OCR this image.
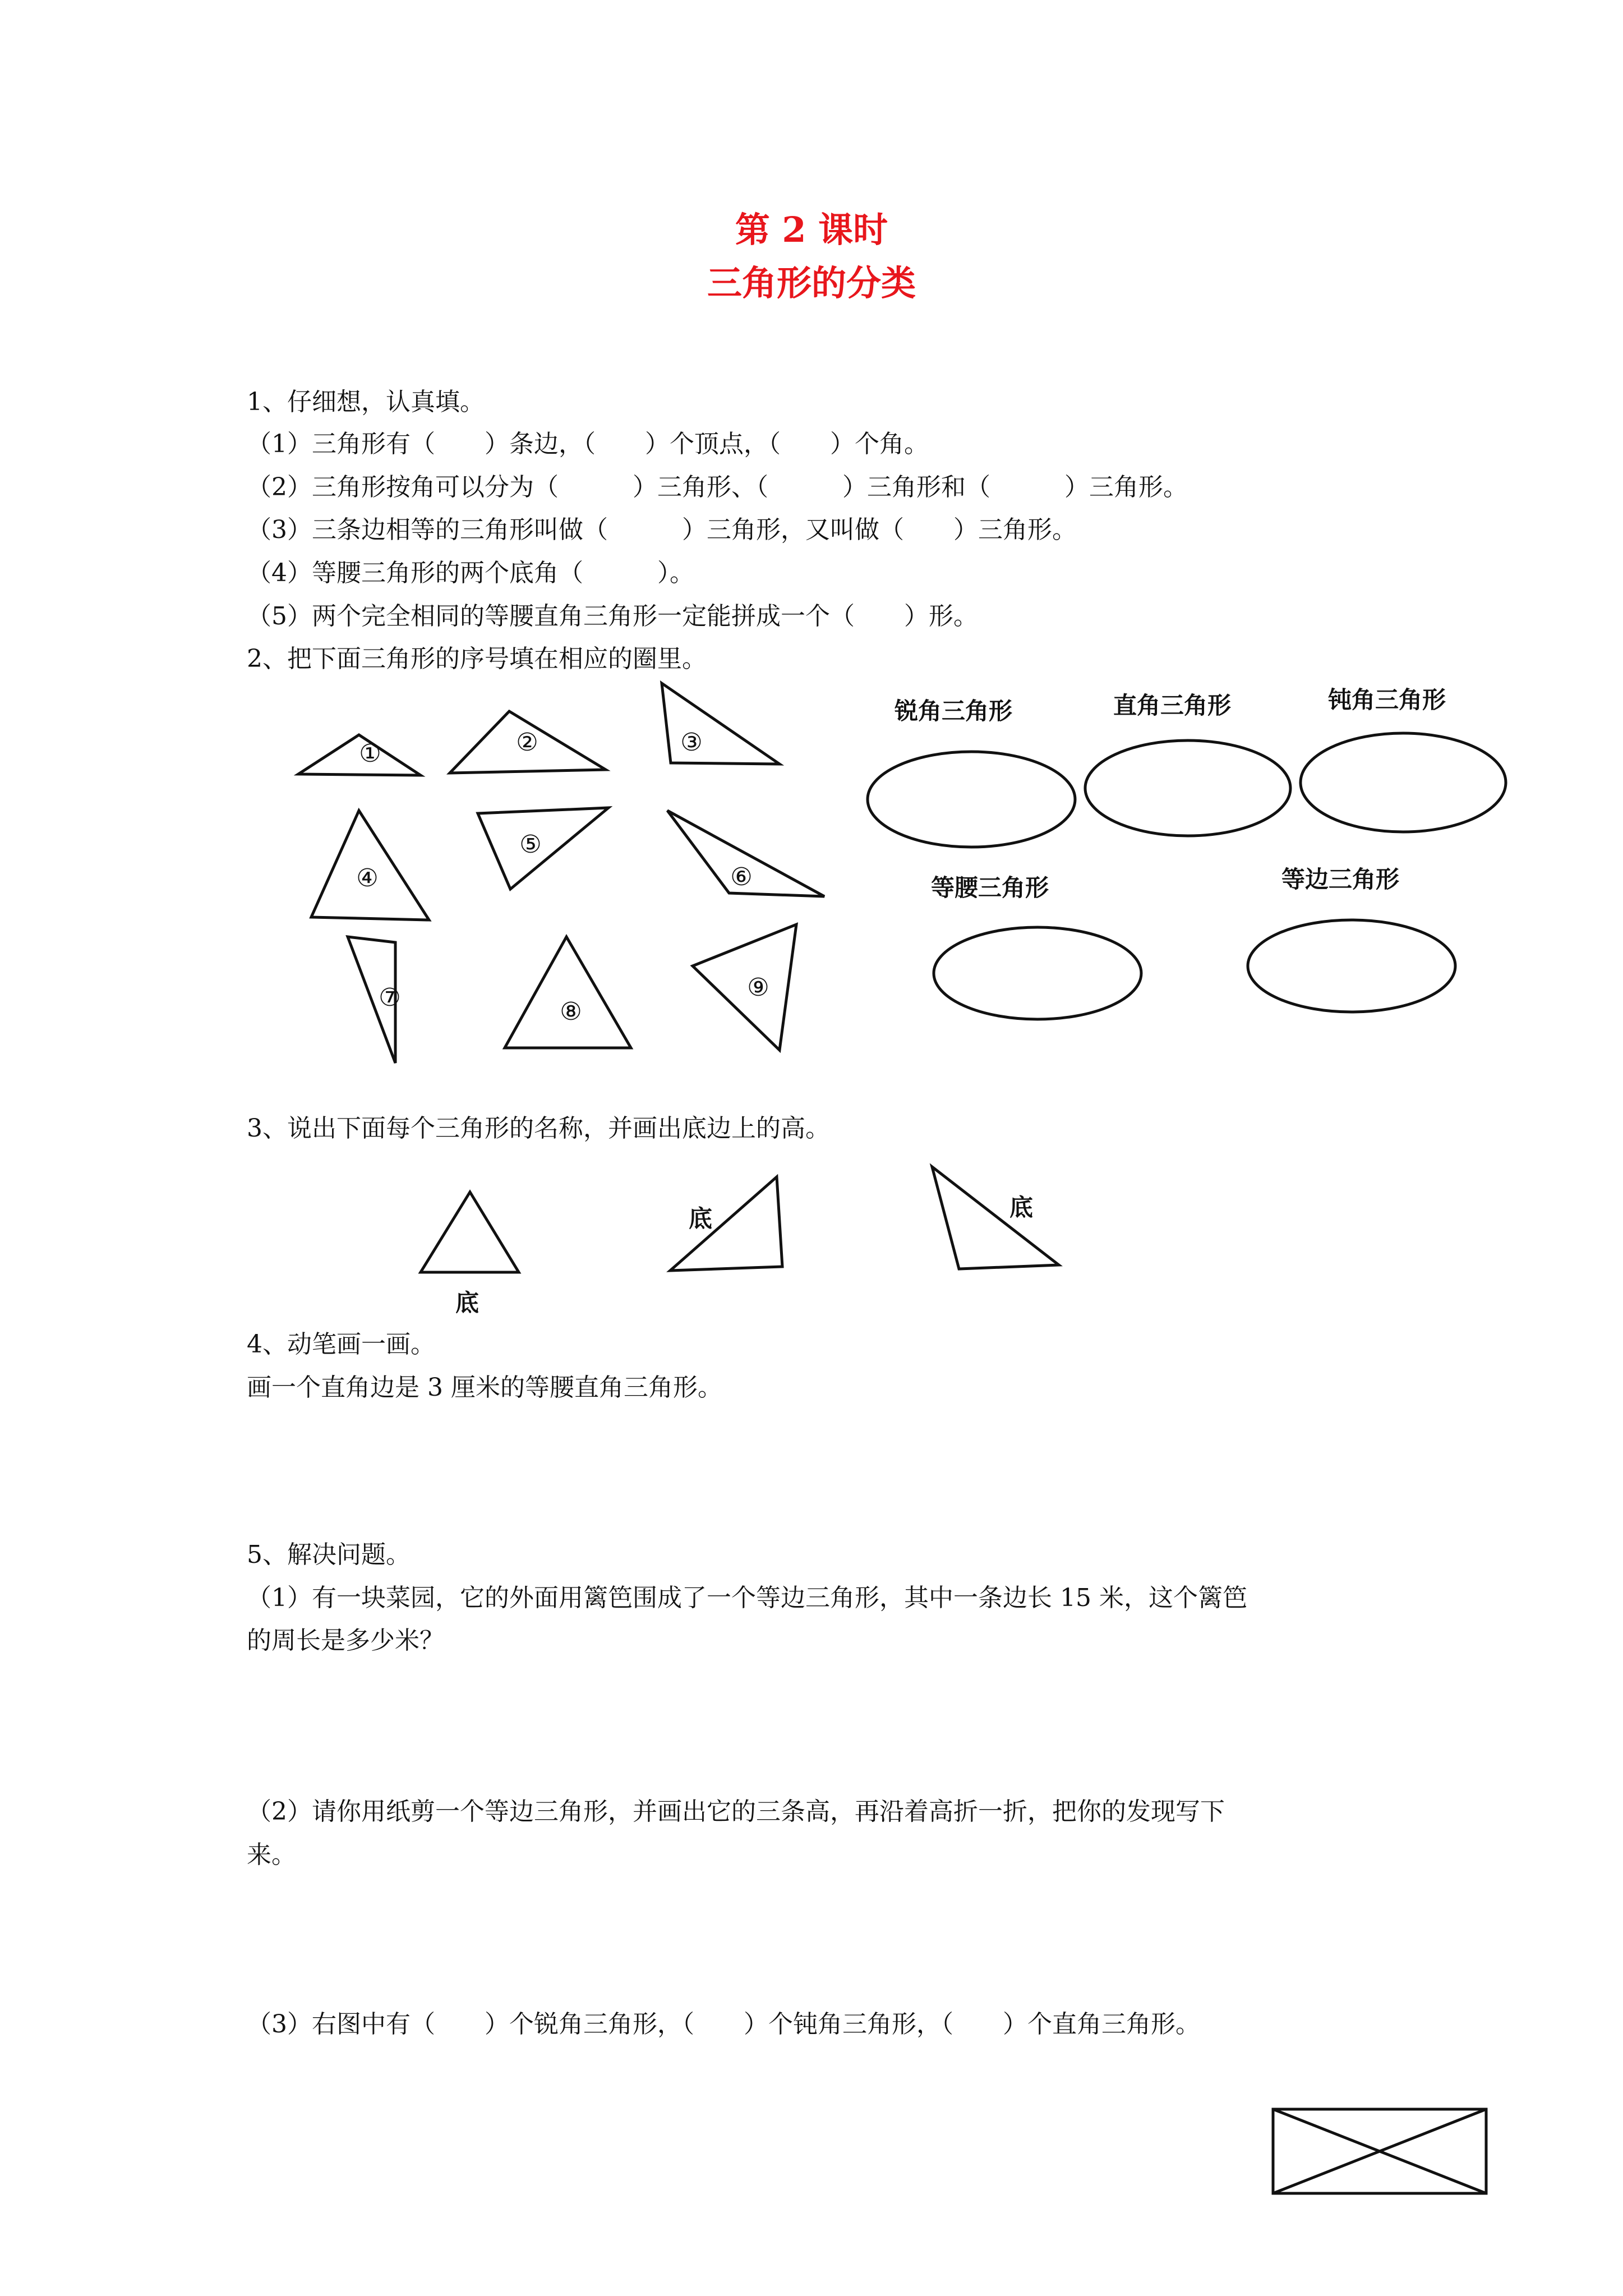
第 2 课时
三角形的分类

1、仔细想，认真填。

（1）三角形有（　　）条边，（　　）个顶点，（　　）个角。

（2）三角形按角可以分为（　　　）三角形、（　　　）三角形和（　　　）三角形。

（3）三条边相等的三角形叫做（　　　）三角形，又叫做（　　）三角形。

（4）等腰三角形的两个底角（　　　）。

（5）两个完全相同的等腰直角三角形一定能拼成一个（　　）形。

2、把下面三角形的序号填在相应的圈里。

①	②	③
④
⑤
⑥
⑦	⑧
⑨
锐角三角形	直角三角形	钝角三角形
等腰三角形	等边三角形

3、说出下面每个三角形的名称，并画出底边上的高。

底
底	底

4、动笔画一画。

画一个直角边是 3 厘米的等腰直角三角形。

5、解决问题。

（1）有一块菜园，它的外面用篱笆围成了一个等边三角形，其中一条边长 15 米，这个篱笆

的周长是多少米？

（2）请你用纸剪一个等边三角形，并画出它的三条高，再沿着高折一折，把你的发现写下

来。

（3）右图中有（　　）个锐角三角形，（　　）个钝角三角形，（　　）个直角三角形。
